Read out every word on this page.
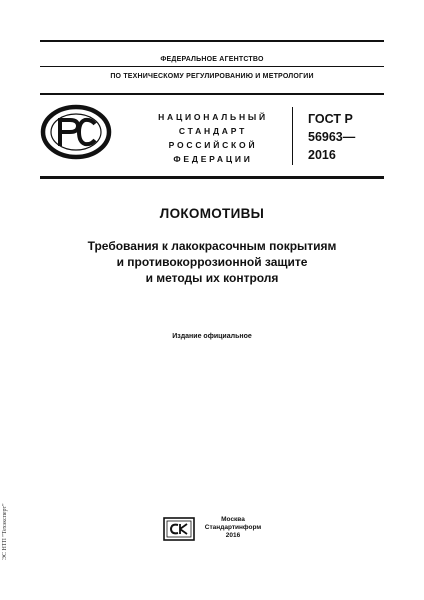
ФЕДЕРАЛЬНОЕ АГЕНТСТВО
ПО ТЕХНИЧЕСКОМУ РЕГУЛИРОВАНИЮ И МЕТРОЛОГИИ
НАЦИОНАЛЬНЫЙ
СТАНДАРТ
РОССИЙСКОЙ
ФЕДЕРАЦИИ
ГОСТ Р
56963—
2016
ЛОКОМОТИВЫ
Требования к лакокрасочным покрытиям
и противокоррозионной защите
и методы их контроля
Издание официальное
Москва
Стандартинформ
2016
ЭС НТП "Техэксперт"
